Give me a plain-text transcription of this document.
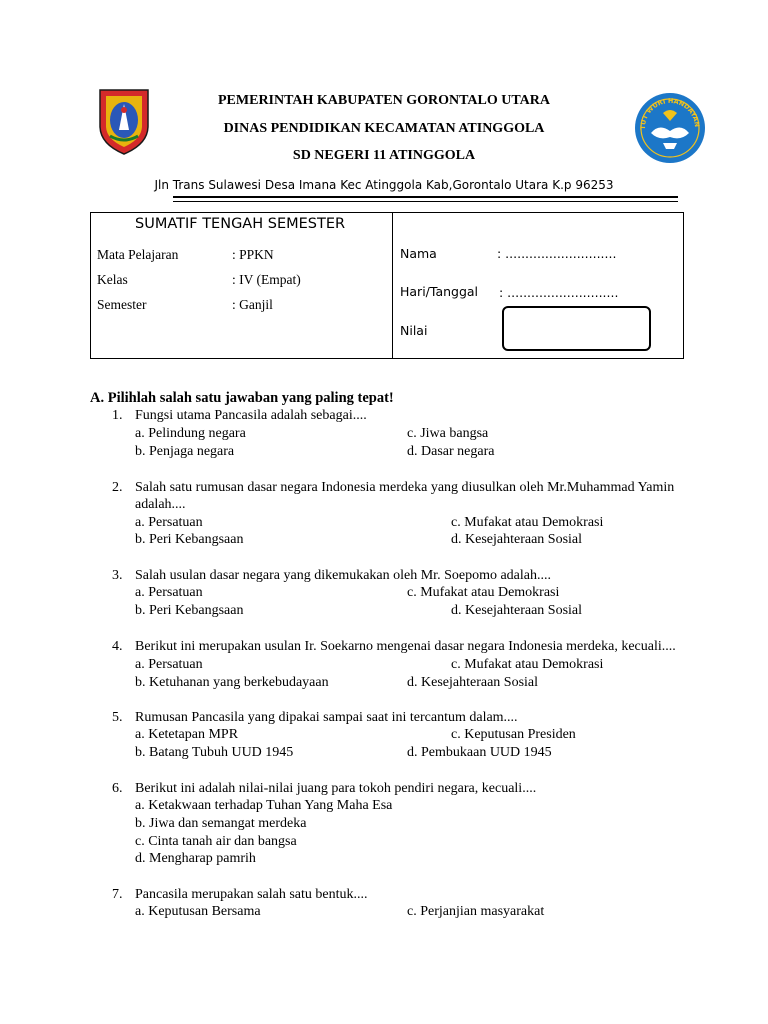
TUT WURI HANDAYAN
PEMERINTAH KABUPATEN GORONTALO UTARA
DINAS PENDIDIKAN KECAMATAN ATINGGOLA
SD NEGERI 11 ATINGGOLA
Jln Trans Sulawesi Desa Imana Kec Atinggola Kab,Gorontalo Utara K.p 96253
SUMATIF TENGAH SEMESTER
Mata Pelajaran	: PPKN
Kelas	: IV (Empat)
Semester	: Ganjil
Nama	: ............................
Hari/Tanggal : ............................
Nilai
A. Pilihlah salah satu jawaban yang paling tepat!
1. Fungsi utama Pancasila adalah sebagai....
a. Pelindung negara
b. Penjaga negara
c. Jiwa bangsa
d. Dasar negara
2. Salah satu rumusan dasar negara Indonesia merdeka yang diusulkan oleh Mr.Muhammad Yamin
adalah....
a. Persatuan
b. Peri Kebangsaan
c. Mufakat atau Demokrasi
d. Kesejahteraan Sosial
3. Salah usulan dasar negara yang dikemukakan oleh Mr. Soepomo adalah....
a. Persatuan
b. Peri Kebangsaan
c. Mufakat atau Demokrasi
d. Kesejahteraan Sosial
4. Berikut ini merupakan usulan Ir. Soekarno mengenai dasar negara Indonesia merdeka, kecuali....
a. Persatuan
b. Ketuhanan yang berkebudayaan
c. Mufakat atau Demokrasi
d. Kesejahteraan Sosial
5. Rumusan Pancasila yang dipakai sampai saat ini tercantum dalam....
a. Ketetapan MPR
b. Batang Tubuh UUD 1945
c. Keputusan Presiden
d. Pembukaan UUD 1945
6. Berikut ini adalah nilai-nilai juang para tokoh pendiri negara, kecuali....
a. Ketakwaan terhadap Tuhan Yang Maha Esa
b. Jiwa dan semangat merdeka
c. Cinta tanah air dan bangsa
d. Mengharap pamrih
7. Pancasila merupakan salah satu bentuk....
a. Keputusan Bersama	c. Perjanjian masyarakat
